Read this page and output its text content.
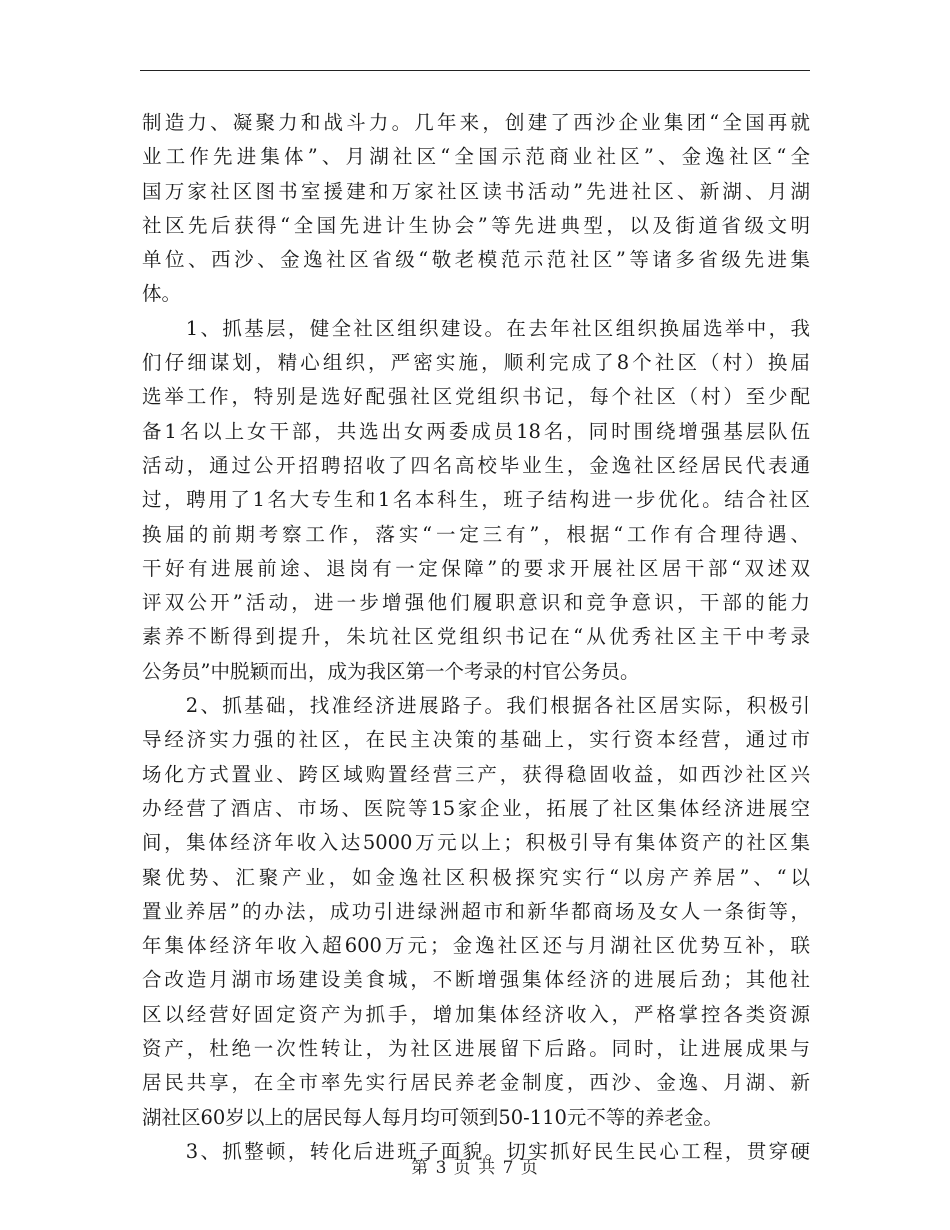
制造力、凝聚力和战斗力。几年来，创建了西沙企业集团“全国再就
业工作先进集体”、月湖社区“全国示范商业社区”、金逸社区“全
国万家社区图书室援建和万家社区读书活动”先进社区、新湖、月湖
社区先后获得“全国先进计生协会”等先进典型，以及街道省级文明
单位、西沙、金逸社区省级“敬老模范示范社区”等诸多省级先进集
体。
　　1、抓基层，健全社区组织建设。在去年社区组织换届选举中，我
们仔细谋划，精心组织，严密实施，顺利完成了8个社区（村）换届
选举工作，特别是选好配强社区党组织书记，每个社区（村）至少配
备1名以上女干部，共选出女两委成员18名，同时围绕增强基层队伍
活动，通过公开招聘招收了四名高校毕业生，金逸社区经居民代表通
过，聘用了1名大专生和1名本科生，班子结构进一步优化。结合社区
换届的前期考察工作，落实“一定三有”，根据“工作有合理待遇、
干好有进展前途、退岗有一定保障”的要求开展社区居干部“双述双
评双公开”活动，进一步增强他们履职意识和竞争意识，干部的能力
素养不断得到提升，朱坑社区党组织书记在“从优秀社区主干中考录
公务员”中脱颖而出，成为我区第一个考录的村官公务员。
　　2、抓基础，找准经济进展路子。我们根据各社区居实际，积极引
导经济实力强的社区，在民主决策的基础上，实行资本经营，通过市
场化方式置业、跨区域购置经营三产，获得稳固收益，如西沙社区兴
办经营了酒店、市场、医院等15家企业，拓展了社区集体经济进展空
间，集体经济年收入达5000万元以上；积极引导有集体资产的社区集
聚优势、汇聚产业，如金逸社区积极探究实行“以房产养居”、“以
置业养居”的办法，成功引进绿洲超市和新华都商场及女人一条街等，
年集体经济年收入超600万元；金逸社区还与月湖社区优势互补，联
合改造月湖市场建设美食城，不断增强集体经济的进展后劲；其他社
区以经营好固定资产为抓手，增加集体经济收入，严格掌控各类资源
资产，杜绝一次性转让，为社区进展留下后路。同时，让进展成果与
居民共享，在全市率先实行居民养老金制度，西沙、金逸、月湖、新
湖社区60岁以上的居民每人每月均可领到50-110元不等的养老金。
　　3、抓整顿，转化后进班子面貌。切实抓好民生民心工程，贯穿硬
第 3 页 共 7 页
